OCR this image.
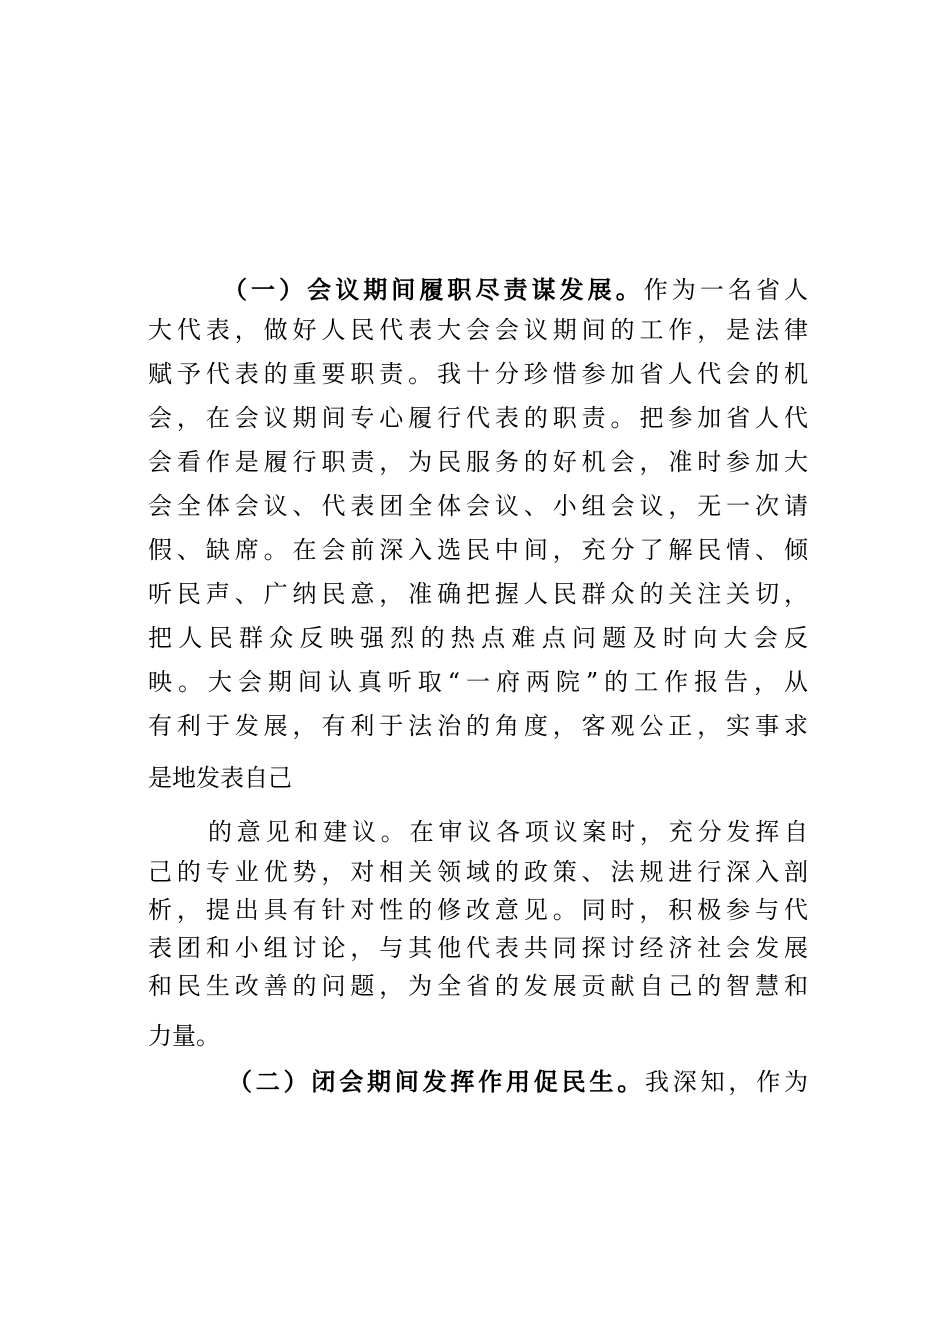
（一）会议期间履职尽责谋发展。作为一名省人
大代表，做好人民代表大会会议期间的工作，是法律
赋予代表的重要职责。我十分珍惜参加省人代会的机
会，在会议期间专心履行代表的职责。把参加省人代
会看作是履行职责，为民服务的好机会，准时参加大
会全体会议、代表团全体会议、小组会议，无一次请
假、缺席。在会前深入选民中间，充分了解民情、倾
听民声、广纳民意，准确把握人民群众的关注关切，
把人民群众反映强烈的热点难点问题及时向大会反
映。大会期间认真听取“一府两院”的工作报告，从
有利于发展，有利于法治的角度，客观公正，实事求
是地发表自己
的意见和建议。在审议各项议案时，充分发挥自
己的专业优势，对相关领域的政策、法规进行深入剖
析，提出具有针对性的修改意见。同时，积极参与代
表团和小组讨论，与其他代表共同探讨经济社会发展
和民生改善的问题，为全省的发展贡献自己的智慧和
力量。
（二）闭会期间发挥作用促民生。我深知，作为
